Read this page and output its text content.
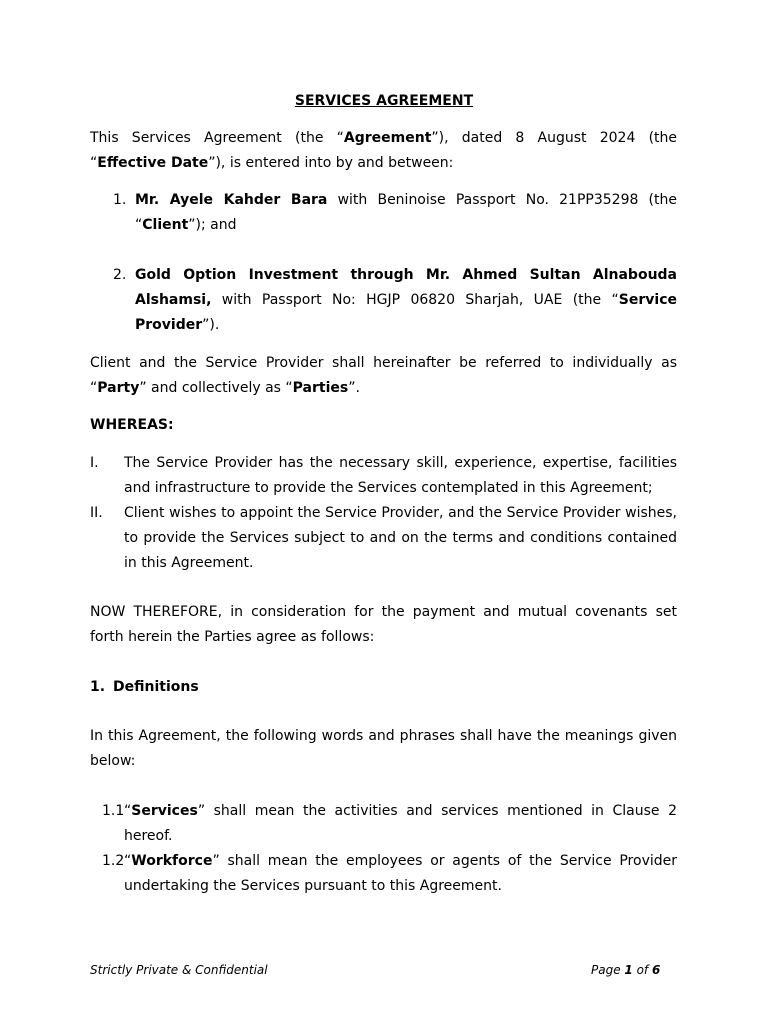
SERVICES AGREEMENT

This Services Agreement (the “Agreement”), dated 8 August 2024 (the “Effective Date”), is entered into by and between:

1. Mr. Ayele Kahder Bara with Beninoise Passport No. 21PP35298 (the “Client”); and

2. Gold Option Investment through Mr. Ahmed Sultan Alnabouda Alshamsi, with Passport No: HGJP 06820 Sharjah, UAE (the “Service Provider”).

Client and the Service Provider shall hereinafter be referred to individually as “Party” and collectively as “Parties”.

WHEREAS:

I. The Service Provider has the necessary skill, experience, expertise, facilities and infrastructure to provide the Services contemplated in this Agreement;

II. Client wishes to appoint the Service Provider, and the Service Provider wishes, to provide the Services subject to and on the terms and conditions contained in this Agreement.

NOW THEREFORE, in consideration for the payment and mutual covenants set forth herein the Parties agree as follows:

1. Definitions

In this Agreement, the following words and phrases shall have the meanings given below:

1.1 “Services” shall mean the activities and services mentioned in Clause 2 hereof.

1.2 “Workforce” shall mean the employees or agents of the Service Provider undertaking the Services pursuant to this Agreement.

Strictly Private & Confidential	Page 1 of 6
